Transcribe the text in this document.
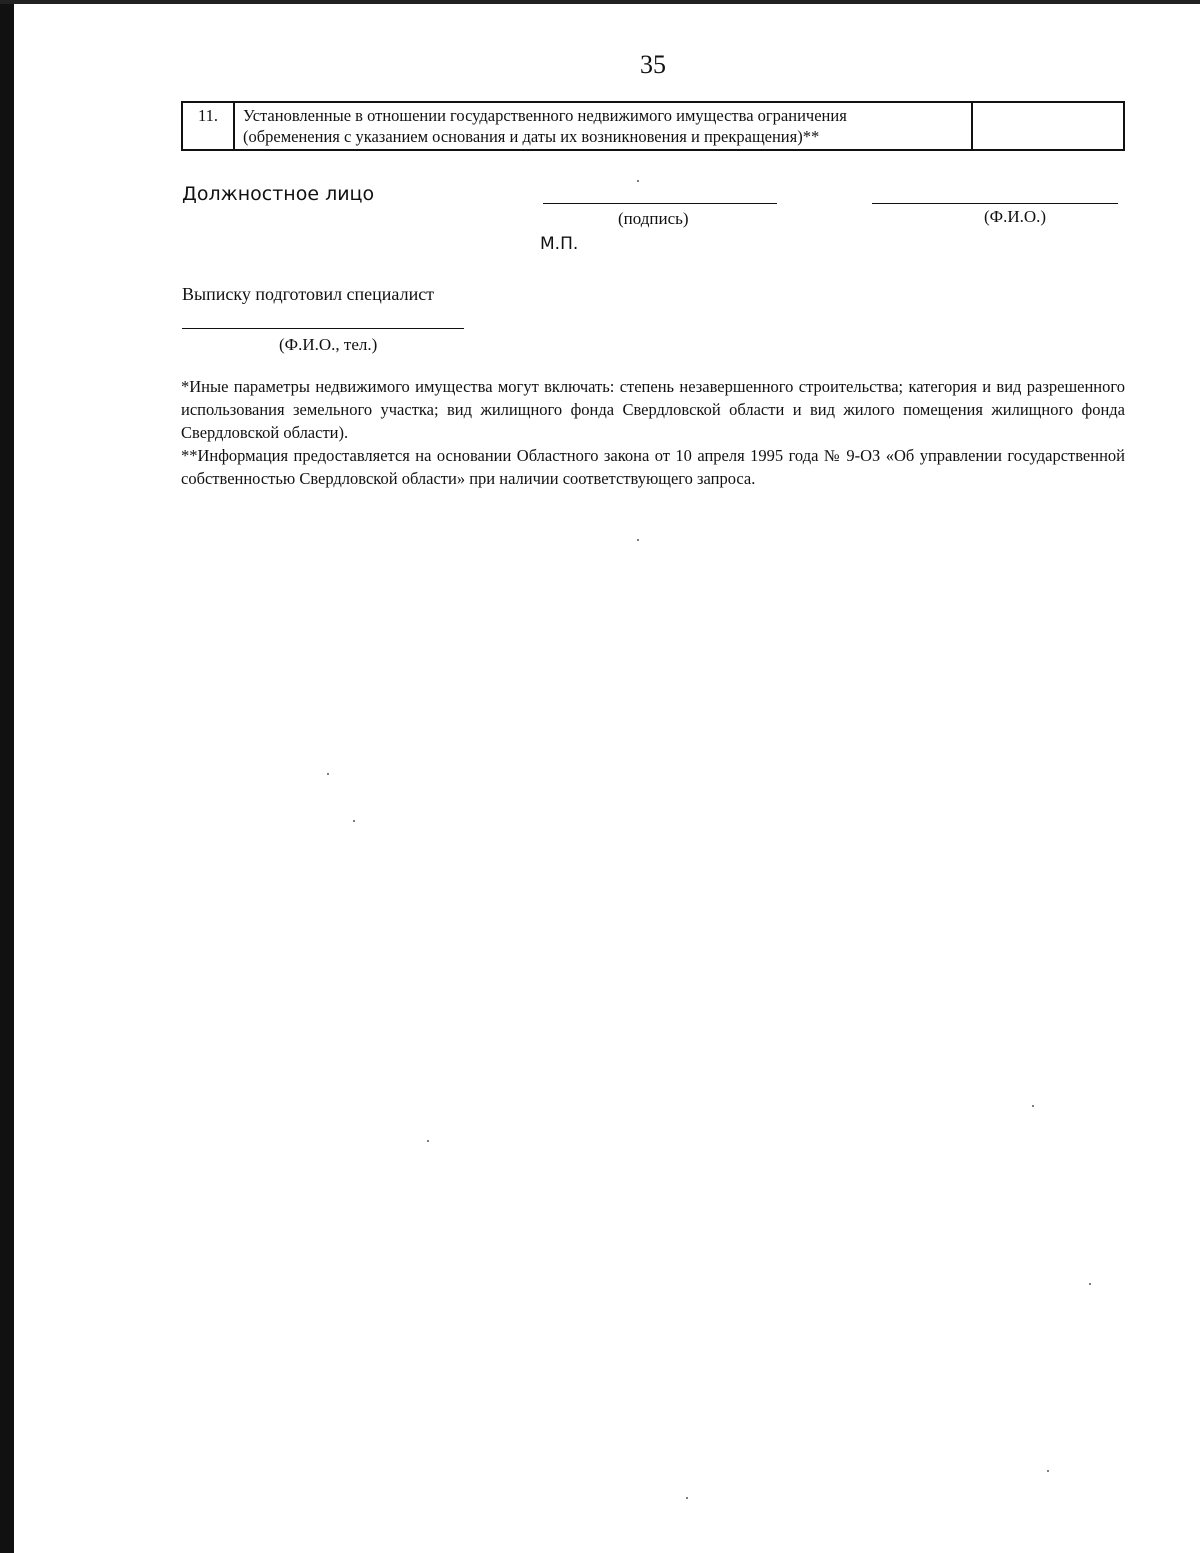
35
11.	Установленные в отношении государственного недвижимого имущества ограничения
(обременения с указанием основания и даты их возникновения и прекращения)**

Должностное лицо
(подпись)	(Ф.И.О.)
М.П.
Выписку подготовил специалист
(Ф.И.О., тел.)

*Иные параметры недвижимого имущества могут включать: степень незавершенного строительства; категория и вид разрешенного использования земельного участка; вид жилищного фонда Свердловской области и вид жилого помещения жилищного фонда Свердловской области).

**Информация предоставляется на основании Областного закона от 10 апреля 1995 года № 9-ОЗ «Об управлении государственной собственностью Свердловской области» при наличии соответствующего запроса.
